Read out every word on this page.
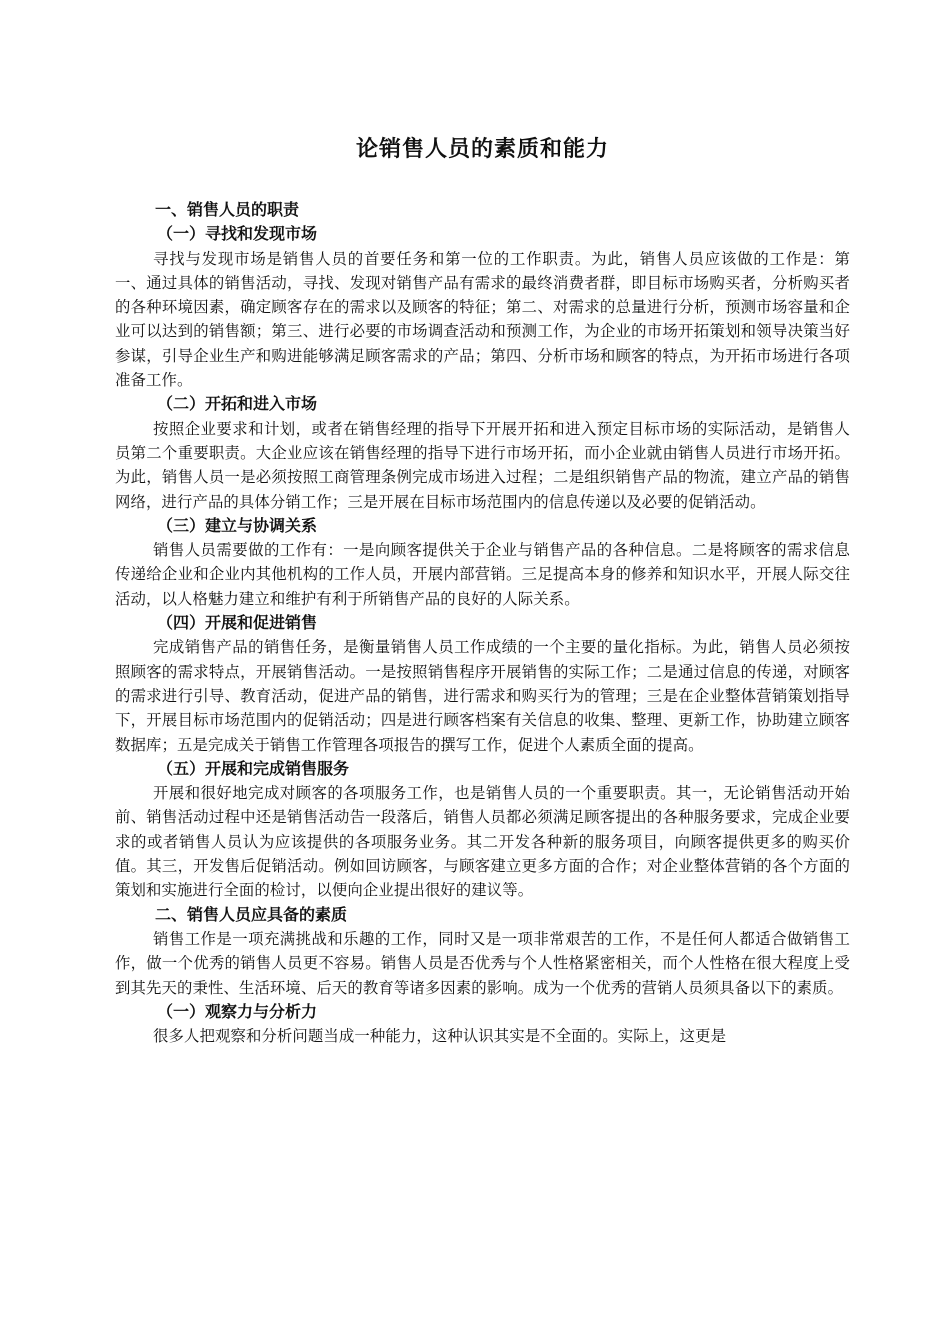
论销售人员的素质和能力
一、销售人员的职责
（一）寻找和发现市场

寻找与发现市场是销售人员的首要任务和第一位的工作职责。为此，销售人员应该做的工作是：第一、通过具体的销售活动，寻找、发现对销售产品有需求的最终消费者群，即目标市场购买者，分析购买者的各种环境因素，确定顾客存在的需求以及顾客的特征；第二、对需求的总量进行分析，预测市场容量和企业可以达到的销售额；第三、进行必要的市场调查活动和预测工作，为企业的市场开拓策划和领导决策当好参谋，引导企业生产和购进能够满足顾客需求的产品；第四、分析市场和顾客的特点，为开拓市场进行各项准备工作。

（二）开拓和进入市场

按照企业要求和计划，或者在销售经理的指导下开展开拓和进入预定目标市场的实际活动，是销售人员第二个重要职责。大企业应该在销售经理的指导下进行市场开拓，而小企业就由销售人员进行市场开拓。为此，销售人员一是必须按照工商管理条例完成市场进入过程；二是组织销售产品的物流，建立产品的销售网络，进行产品的具体分销工作；三是开展在目标市场范围内的信息传递以及必要的促销活动。

（三）建立与协调关系

销售人员需要做的工作有：一是向顾客提供关于企业与销售产品的各种信息。二是将顾客的需求信息传递给企业和企业内其他机构的工作人员，开展内部营销。三足提高本身的修养和知识水平，开展人际交往活动，以人格魅力建立和维护有利于所销售产品的良好的人际关系。

（四）开展和促进销售

完成销售产品的销售任务，是衡量销售人员工作成绩的一个主要的量化指标。为此，销售人员必须按照顾客的需求特点，开展销售活动。一是按照销售程序开展销售的实际工作；二是通过信息的传递，对顾客的需求进行引导、教育活动，促进产品的销售，进行需求和购买行为的管理；三是在企业整体营销策划指导下，开展目标市场范围内的促销活动；四是进行顾客档案有关信息的收集、整理、更新工作，协助建立顾客数据库；五是完成关于销售工作管理各项报告的撰写工作，促进个人素质全面的提高。

（五）开展和完成销售服务

开展和很好地完成对顾客的各项服务工作，也是销售人员的一个重要职责。其一，无论销售活动开始前、销售活动过程中还是销售活动告一段落后，销售人员都必须满足顾客提出的各种服务要求，完成企业要求的或者销售人员认为应该提供的各项服务业务。其二开发各种新的服务项目，向顾客提供更多的购买价值。其三，开发售后促销活动。例如回访顾客，与顾客建立更多方面的合作；对企业整体营销的各个方面的策划和实施进行全面的检讨，以便向企业提出很好的建议等。

二、销售人员应具备的素质

销售工作是一项充满挑战和乐趣的工作，同时又是一项非常艰苦的工作，不是任何人都适合做销售工作，做一个优秀的销售人员更不容易。销售人员是否优秀与个人性格紧密相关，而个人性格在很大程度上受到其先天的秉性、生活环境、后天的教育等诸多因素的影响。成为一个优秀的营销人员须具备以下的素质。

（一）观察力与分析力

很多人把观察和分析问题当成一种能力，这种认识其实是不全面的。实际上，这更是
